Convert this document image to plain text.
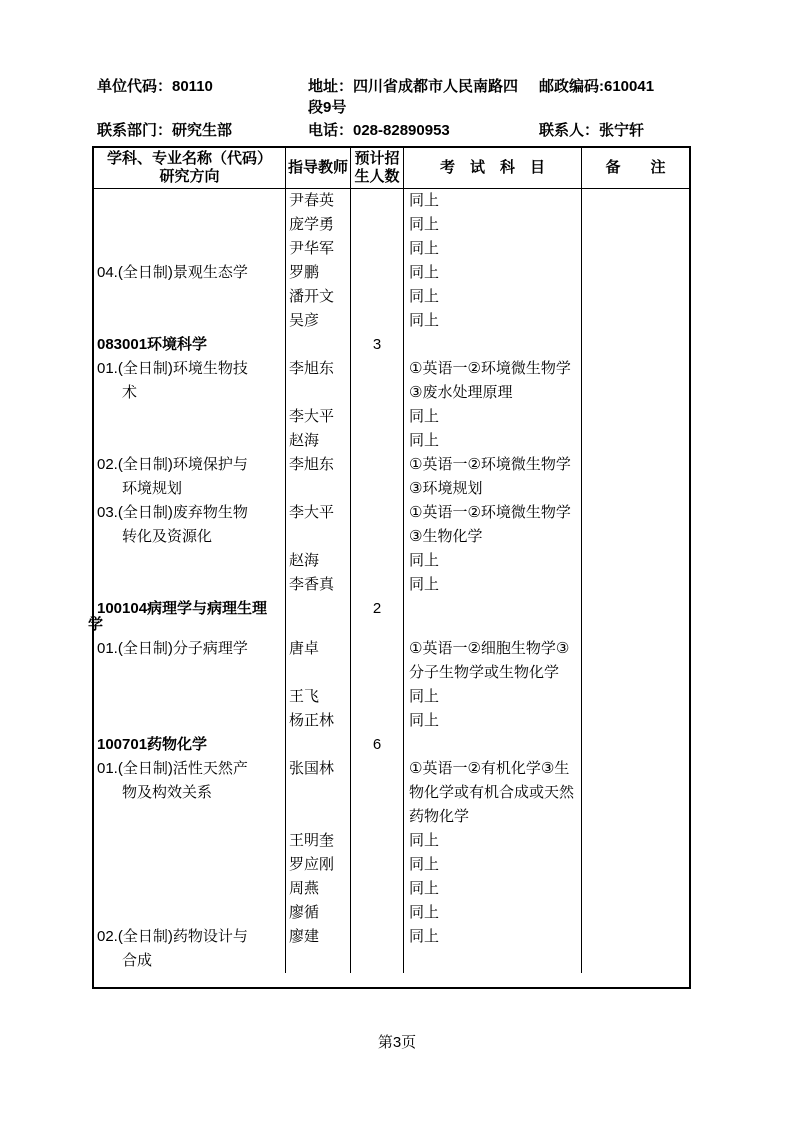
单位代码：80110	地址：四川省成都市人民南路四
段9号
邮政编码:610041
联系部门：研究生部	电话：028-82890953	联系人：张宁轩
学科、专业名称（代码）
研究方向
指导教师
预计招
生人数
考　试　科　目	备　　注
尹春英	同上
庞学勇	同上
尹华军	同上
04.(全日制)景观生态学	罗鹏	同上
潘开文	同上
吴彦	同上
083001环境科学	3
01.(全日制)环境生物技
术
李旭东	①英语一②环境微生物学
③废水处理原理
李大平	同上
赵海	同上
02.(全日制)环境保护与
环境规划
李旭东	①英语一②环境微生物学
③环境规划
03.(全日制)废弃物生物
转化及资源化
李大平	①英语一②环境微生物学
③生物化学
赵海	同上
李香真	同上
100104病理学与病理生理
学
2
01.(全日制)分子病理学	唐卓	①英语一②细胞生物学③
分子生物学或生物化学
王飞	同上
杨正林	同上
100701药物化学	6
01.(全日制)活性天然产
物及构效关系
张国林	①英语一②有机化学③生
物化学或有机合成或天然
药物化学
王明奎	同上
罗应刚	同上
周燕	同上
廖循	同上
02.(全日制)药物设计与
合成
廖建	同上
第3页
